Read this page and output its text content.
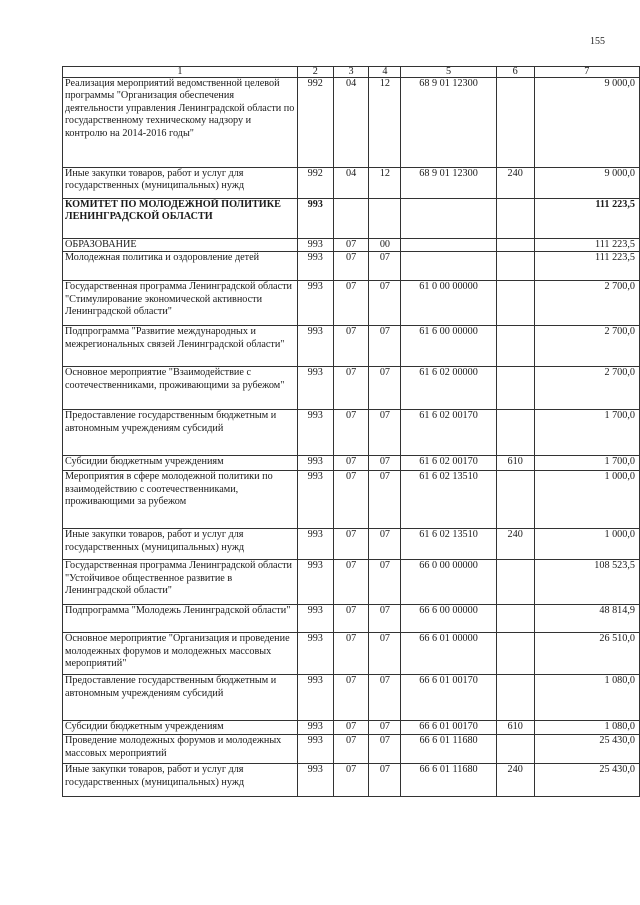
155
1	2	3	4	5	6	7
Реализация мероприятий ведомственной целевой программы "Организация обеспечения деятельности управления Ленинградской области по государственному техническому надзору и контролю на 2014-2016 годы"	992	04	12	68 9 01 12300		9 000,0
Иные закупки товаров, работ и услуг для государственных (муниципальных) нужд	992	04	12	68 9 01 12300	240	9 000,0
КОМИТЕТ ПО МОЛОДЕЖНОЙ ПОЛИТИКЕ ЛЕНИНГРАДСКОЙ ОБЛАСТИ	993					111 223,5
ОБРАЗОВАНИЕ	993	07	00			111 223,5
Молодежная политика и оздоровление детей	993	07	07			111 223,5
Государственная программа Ленинградской области "Стимулирование экономической активности Ленинградской области"	993	07	07	61 0 00 00000		2 700,0
Подпрограмма "Развитие международных и межрегиональных связей Ленинградской области"	993	07	07	61 6 00 00000		2 700,0
Основное мероприятие "Взаимодействие с соотечественниками, проживающими за рубежом"	993	07	07	61 6 02 00000		2 700,0
Предоставление государственным бюджетным и автономным учреждениям субсидий	993	07	07	61 6 02 00170		1 700,0
Субсидии бюджетным учреждениям	993	07	07	61 6 02 00170	610	1 700,0
Мероприятия в сфере молодежной политики по взаимодействию с соотечественниками, проживающими за рубежом	993	07	07	61 6 02 13510		1 000,0
Иные закупки товаров, работ и услуг для государственных (муниципальных) нужд	993	07	07	61 6 02 13510	240	1 000,0
Государственная программа Ленинградской области "Устойчивое общественное развитие в Ленинградской области"	993	07	07	66 0 00 00000		108 523,5
Подпрограмма "Молодежь Ленинградской области"	993	07	07	66 6 00 00000		48 814,9
Основное мероприятие "Организация и проведение молодежных форумов и молодежных массовых мероприятий"	993	07	07	66 6 01 00000		26 510,0
Предоставление государственным бюджетным и автономным учреждениям субсидий	993	07	07	66 6 01 00170		1 080,0
Субсидии бюджетным учреждениям	993	07	07	66 6 01 00170	610	1 080,0
Проведение молодежных форумов и молодежных массовых мероприятий	993	07	07	66 6 01 11680		25 430,0
Иные закупки товаров, работ и услуг для государственных (муниципальных) нужд	993	07	07	66 6 01 11680	240	25 430,0
